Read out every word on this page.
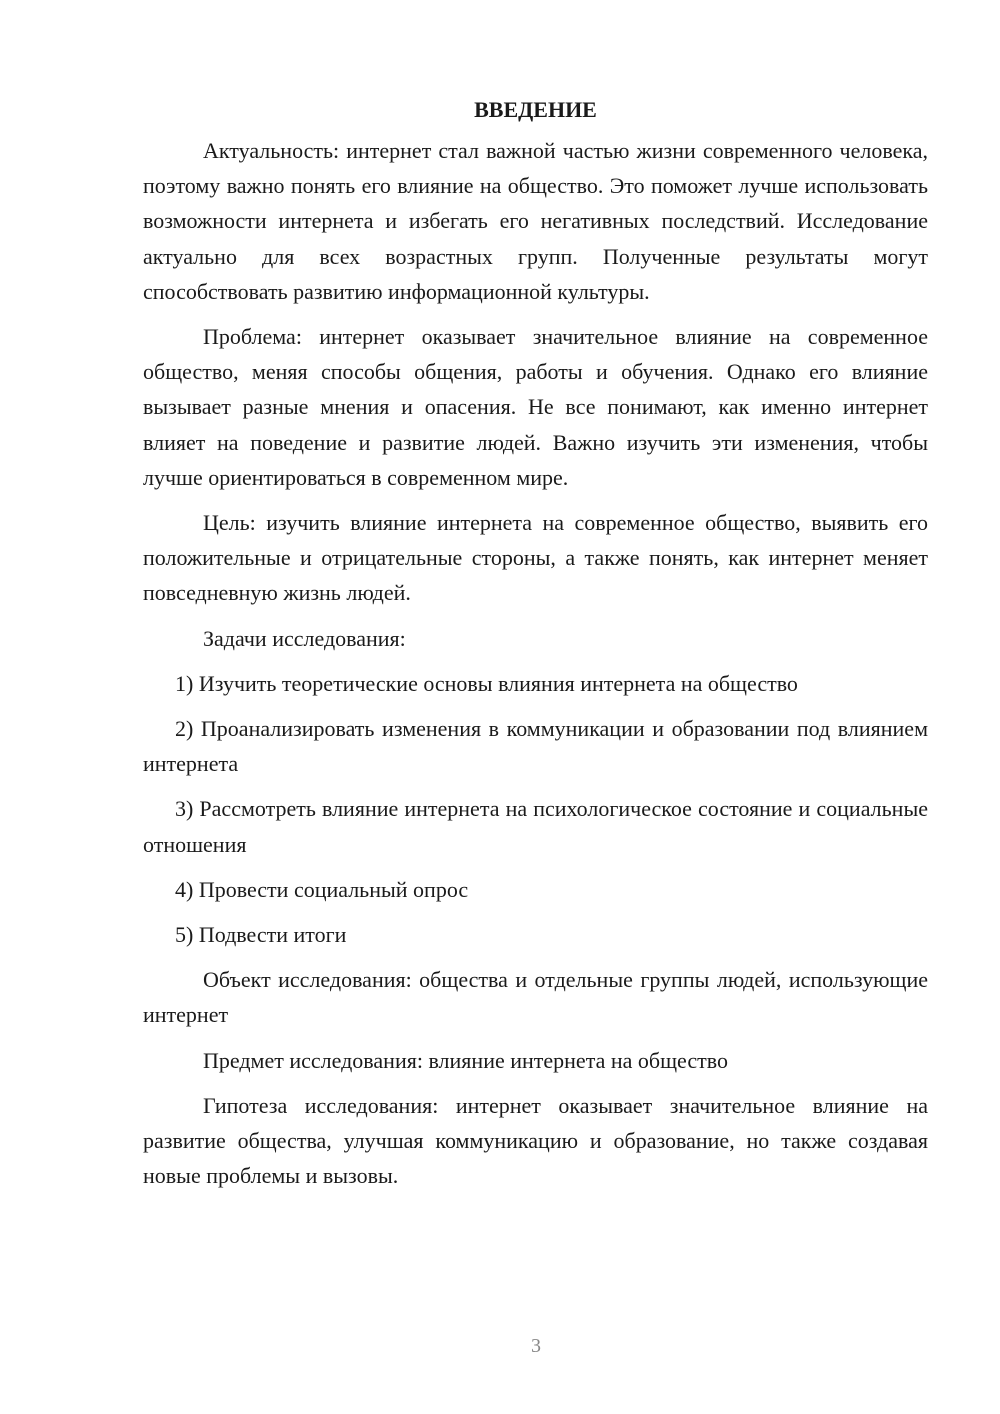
ВВЕДЕНИЕ

Актуальность: интернет стал важной частью жизни современного человека, поэтому важно понять его влияние на общество. Это поможет лучше использовать возможности интернета и избегать его негативных последствий. Исследование актуально для всех возрастных групп. Полученные результаты могут способствовать развитию информационной культуры.

Проблема: интернет оказывает значительное влияние на современное общество, меняя способы общения, работы и обучения. Однако его влияние вызывает разные мнения и опасения. Не все понимают, как именно интернет влияет на поведение и развитие людей. Важно изучить эти изменения, чтобы лучше ориентироваться в современном мире.

Цель: изучить влияние интернета на современное общество, выявить его положительные и отрицательные стороны, а также понять, как интернет меняет повседневную жизнь людей.

Задачи исследования:

1) Изучить теоретические основы влияния интернета на общество

2) Проанализировать изменения в коммуникации и образовании под влиянием интернета

3) Рассмотреть влияние интернета на психологическое состояние и социальные отношения

4) Провести социальный опрос

5) Подвести итоги

Объект исследования: общества и отдельные группы людей, использующие интернет

Предмет исследования: влияние интернета на общество

Гипотеза исследования: интернет оказывает значительное влияние на развитие общества, улучшая коммуникацию и образование, но также создавая новые проблемы и вызовы.

3
